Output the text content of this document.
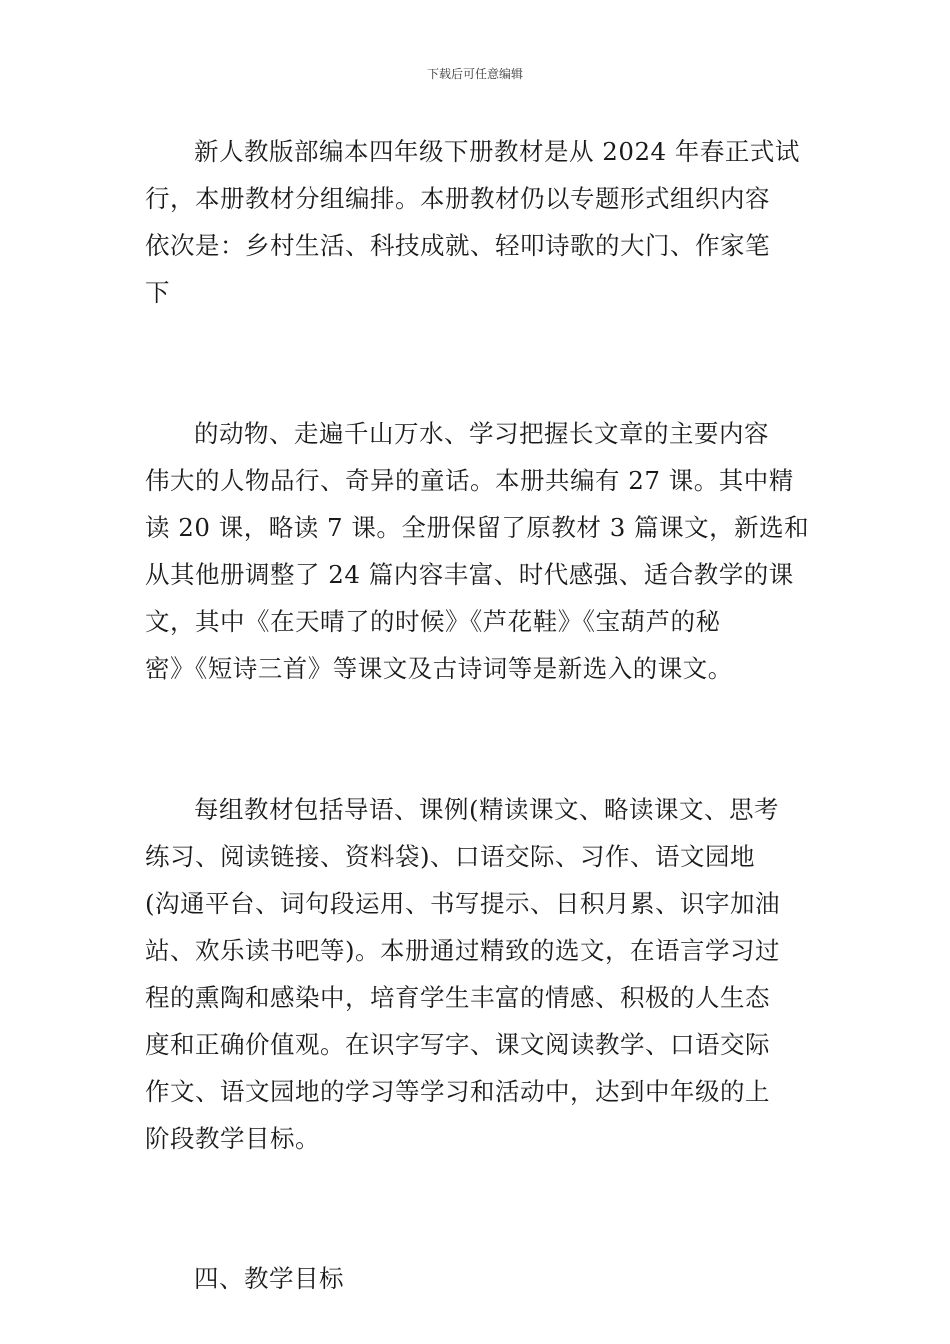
下载后可任意编辑
新人教版部编本四年级下册教材是从 2024 年春正式试
行，本册教材分组编排。本册教材仍以专题形式组织内容
依次是：乡村生活、科技成就、轻叩诗歌的大门、作家笔
下
的动物、走遍千山万水、学习把握长文章的主要内容
伟大的人物品行、奇异的童话。本册共编有 27 课。其中精
读 20 课，略读 7 课。全册保留了原教材 3 篇课文，新选和
从其他册调整了 24 篇内容丰富、时代感强、适合教学的课
文，其中《在天晴了的时候》《芦花鞋》《宝葫芦的秘
密》《短诗三首》等课文及古诗词等是新选入的课文。
每组教材包括导语、课例(精读课文、略读课文、思考
练习、阅读链接、资料袋)、口语交际、习作、语文园地
(沟通平台、词句段运用、书写提示、日积月累、识字加油
站、欢乐读书吧等)。本册通过精致的选文，在语言学习过
程的熏陶和感染中，培育学生丰富的情感、积极的人生态
度和正确价值观。在识字写字、课文阅读教学、口语交际
作文、语文园地的学习等学习和活动中，达到中年级的上
阶段教学目标。
四、教学目标
